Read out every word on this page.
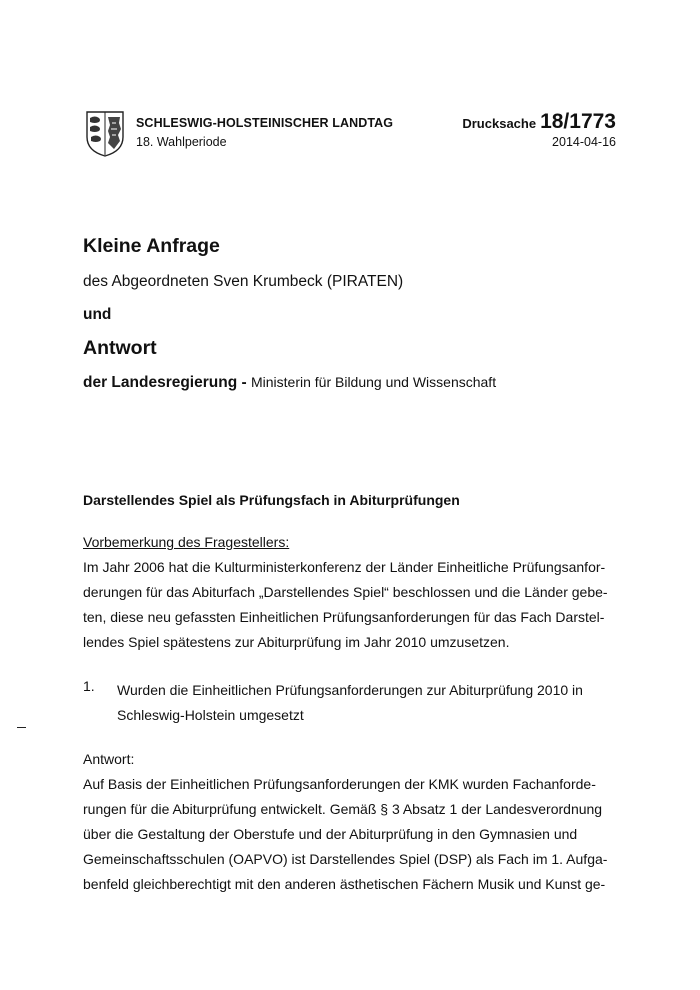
SCHLESWIG-HOLSTEINISCHER LANDTAG
18. Wahlperiode
Drucksache 18/1773
2014-04-16
Kleine Anfrage
des Abgeordneten Sven Krumbeck (PIRATEN)
und
Antwort
der Landesregierung - Ministerin für Bildung und Wissenschaft
Darstellendes Spiel als Prüfungsfach in Abiturprüfungen
Vorbemerkung des Fragestellers:
Im Jahr 2006 hat die Kulturministerkonferenz der Länder Einheitliche Prüfungsanfor-
derungen für das Abiturfach „Darstellendes Spiel“ beschlossen und die Länder gebe-
ten, diese neu gefassten Einheitlichen Prüfungsanforderungen für das Fach Darstel-
lendes Spiel spätestens zur Abiturprüfung im Jahr 2010 umzusetzen.
1. Wurden die Einheitlichen Prüfungsanforderungen zur Abiturprüfung 2010 in
Schleswig-Holstein umgesetzt
Antwort:
Auf Basis der Einheitlichen Prüfungsanforderungen der KMK wurden Fachanforde-
rungen für die Abiturprüfung entwickelt. Gemäß § 3 Absatz 1 der Landesverordnung
über die Gestaltung der Oberstufe und der Abiturprüfung in den Gymnasien und
Gemeinschaftsschulen (OAPVO) ist Darstellendes Spiel (DSP) als Fach im 1. Aufga-
benfeld gleichberechtigt mit den anderen ästhetischen Fächern Musik und Kunst ge-
